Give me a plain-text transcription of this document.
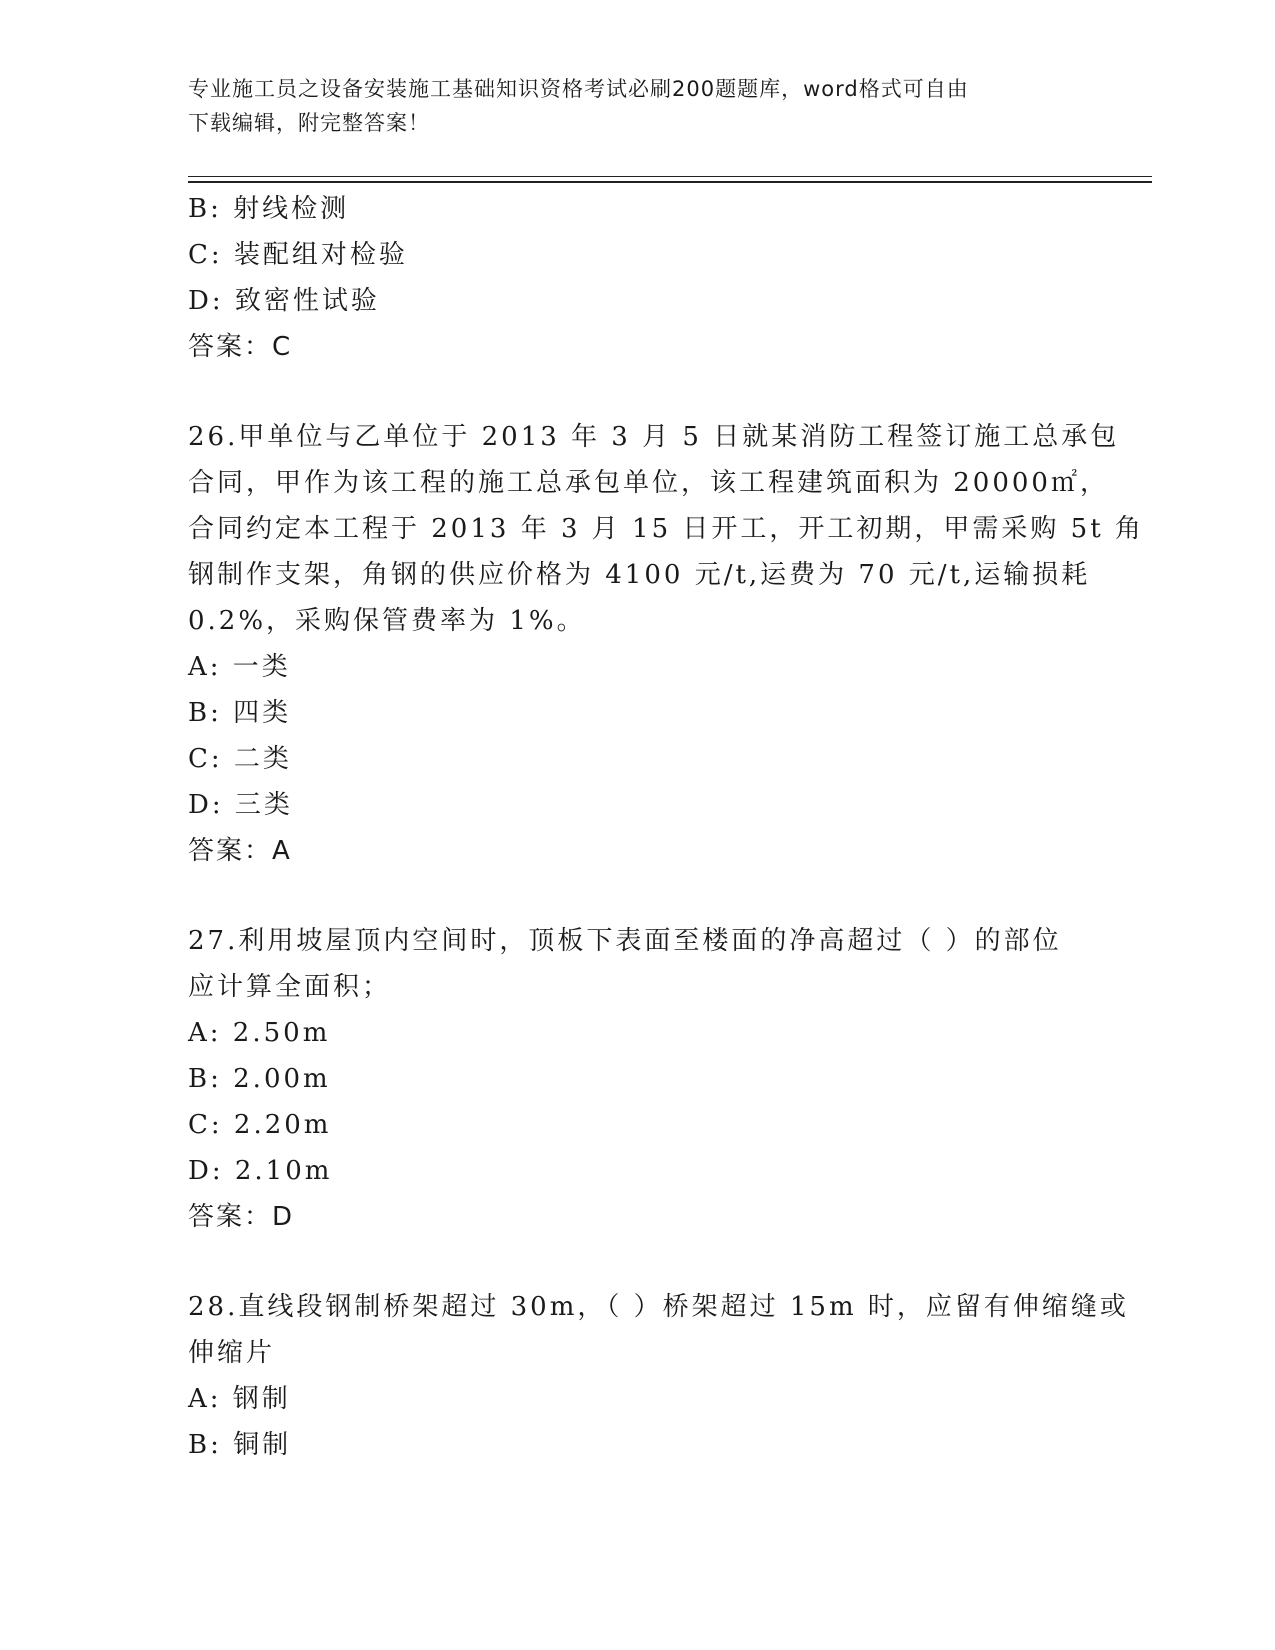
专业施工员之设备安装施工基础知识资格考试必刷200题题库，word格式可自由
下载编辑，附完整答案！
B: 射线检测
C: 装配组对检验
D: 致密性试验
答案：C
26.甲单位与乙单位于 2013 年 3 月 5 日就某消防工程签订施工总承包
合同，甲作为该工程的施工总承包单位，该工程建筑面积为 20000㎡，
合同约定本工程于 2013 年 3 月 15 日开工，开工初期，甲需采购 5t 角
钢制作支架，角钢的供应价格为 4100 元/t,运费为 70 元/t,运输损耗
0.2%，采购保管费率为 1%。
A: 一类
B: 四类
C: 二类
D: 三类
答案：A
27.利用坡屋顶内空间时，顶板下表面至楼面的净高超过（ ）的部位
应计算全面积；
A: 2.50m
B: 2.00m
C: 2.20m
D: 2.10m
答案：D
28.直线段钢制桥架超过 30m，（ ）桥架超过 15m 时，应留有伸缩缝或
伸缩片
A: 钢制
B: 铜制
